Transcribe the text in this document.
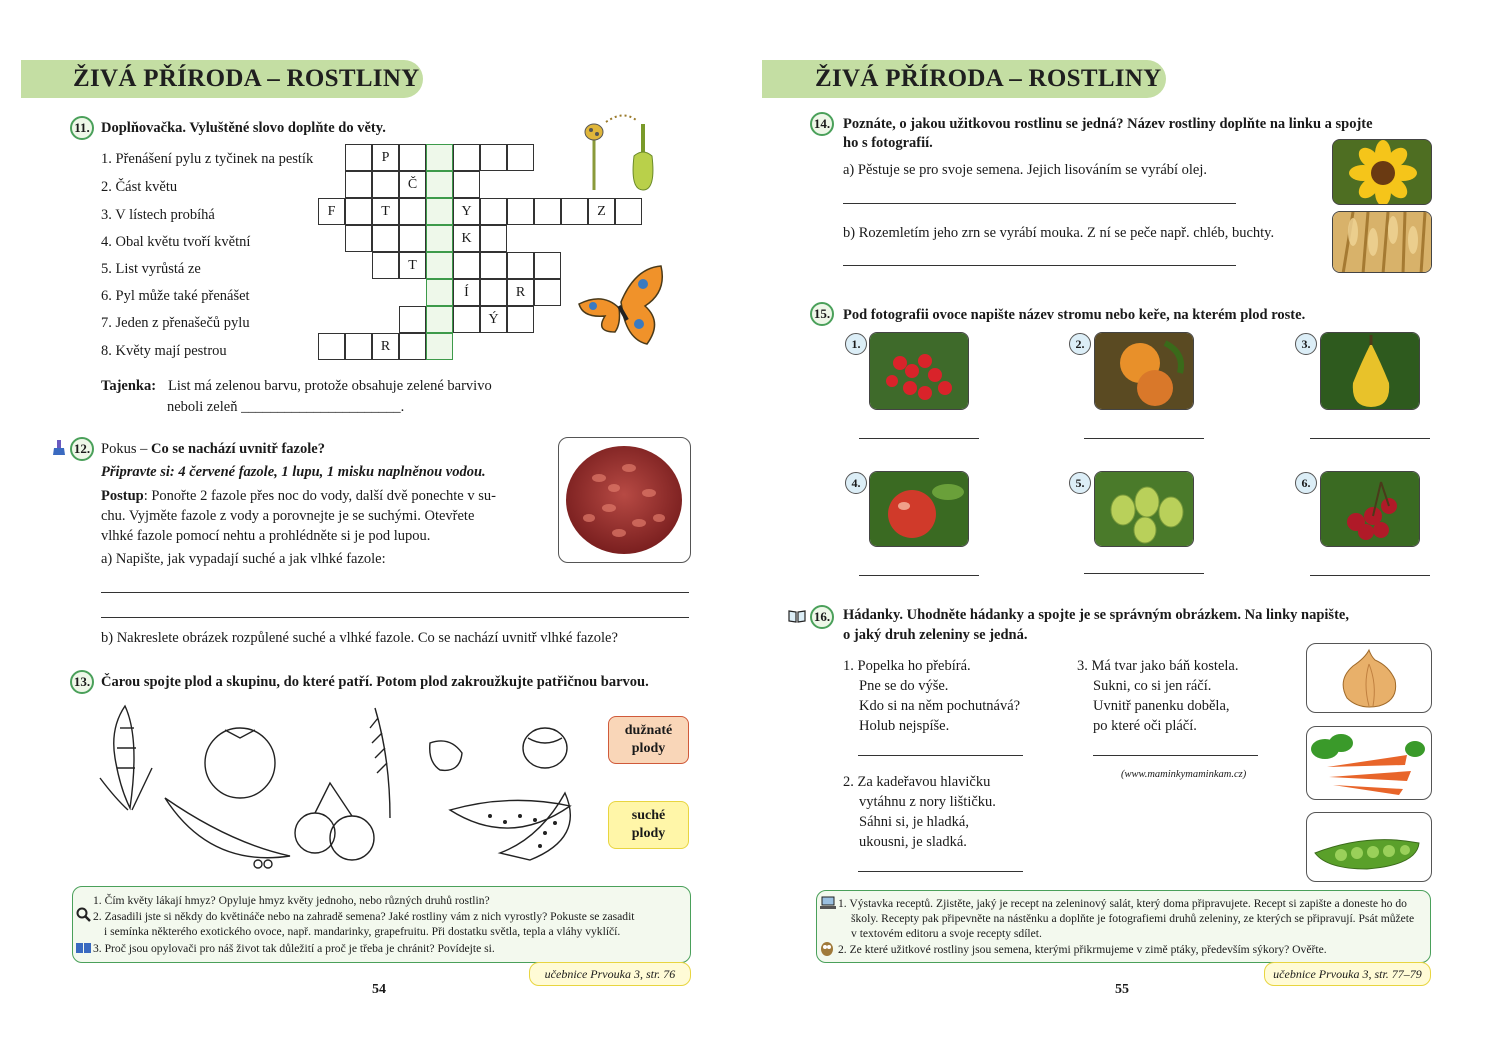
ŽIVÁ PŘÍRODA – ROSTLINY
11. Doplňovačka. Vyluštěné slovo doplňte do věty.
1. Přenášení pylu z tyčinek na pestík
2. Část květu
3. V lístech probíhá
4. Obal květu tvoří květní
5. List vyrůstá ze
6. Pyl může také přenášet
7. Jeden z přenašečů pylu
8. Květy mají pestrou
P
Č
F	T	Y	Z
K
T
Í	R
Ý
R
Tajenka: List má zelenou barvu, protože obsahuje zelené barvivo
neboli zeleň ______________________.
12. Pokus – Co se nachází uvnitř fazole?
Připravte si: 4 červené fazole, 1 lupu, 1 misku naplněnou vodou.
Postup: Ponořte 2 fazole přes noc do vody, další dvě ponechte v su-
chu. Vyjměte fazole z vody a porovnejte je se suchými. Otevřete
vlhké fazole pomocí nehtu a prohlédněte si je pod lupou.
a) Napište, jak vypadají suché a jak vlhké fazole:
b) Nakreslete obrázek rozpůlené suché a vlhké fazole. Co se nachází uvnitř vlhké fazole?
13. Čarou spojte plod a skupinu, do které patří. Potom plod zakroužkujte patřičnou barvou.
dužnaté
plody
suché
plody
1. Čím květy lákají hmyz? Opyluje hmyz květy jednoho, nebo různých druhů rostlin?
2. Zasadili jste si někdy do květináče nebo na zahradě semena? Jaké rostliny vám z nich vyrostly? Pokuste se zasadit
i semínka některého exotického ovoce, např. mandarinky, grapefruitu. Při dostatku světla, tepla a vláhy vyklíčí.
3. Proč jsou opylovači pro náš život tak důležití a proč je třeba je chránit? Povídejte si.
učebnice Prvouka 3, str. 76
54
ŽIVÁ PŘÍRODA – ROSTLINY
14. Poznáte, o jakou užitkovou rostlinu se jedná? Název rostliny doplňte na linku a spojte
ho s fotografií.
a) Pěstuje se pro svoje semena. Jejich lisováním se vyrábí olej.
b) Rozemletím jeho zrn se vyrábí mouka. Z ní se peče např. chléb, buchty.
15. Pod fotografii ovoce napište název stromu nebo keře, na kterém plod roste.
1.	2.	3.
4.	5.	6.
16. Hádanky. Uhodněte hádanky a spojte je se správným obrázkem. Na linky napište,
o jaký druh zeleniny se jedná.
1. Popelka ho přebírá.
Pne se do výše.
Kdo si na něm pochutnává?
Holub nejspíše.
2. Za kadeřavou hlavičku
vytáhnu z nory lištičku.
Sáhni si, je hladká,
ukousni, je sladká.
3. Má tvar jako báň kostela.
Sukni, co si jen ráčí.
Uvnitř panenku doběla,
po které oči pláčí.
(www.maminkymaminkam.cz)
1. Výstavka receptů. Zjistěte, jaký je recept na zeleninový salát, který doma připravujete. Recept si zapište a doneste ho do
školy. Recepty pak připevněte na nástěnku a doplňte je fotografiemi druhů zeleniny, ze kterých se připravují. Psát můžete
v textovém editoru a svoje recepty sdílet.
2. Ze které užitkové rostliny jsou semena, kterými přikrmujeme v zimě ptáky, především sýkory? Ověřte.
učebnice Prvouka 3, str. 77–79
55
